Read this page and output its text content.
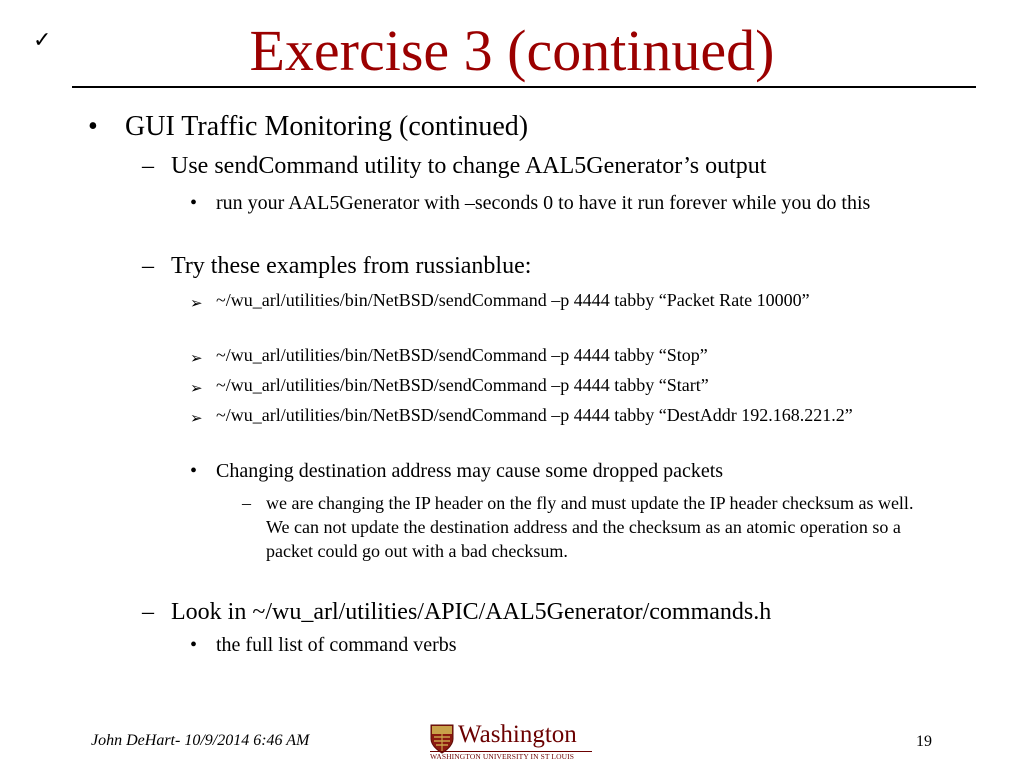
✓	Exercise 3 (continued)
• GUI Traffic Monitoring (continued)
– Use sendCommand utility to change AAL5Generator’s output
• run your AAL5Generator with –seconds 0 to have it run forever while you do this
– Try these examples from russianblue:
➢ ~/wu_arl/utilities/bin/NetBSD/sendCommand –p 4444 tabby “Packet Rate 10000”
➢ ~/wu_arl/utilities/bin/NetBSD/sendCommand –p 4444 tabby “Stop”
➢ ~/wu_arl/utilities/bin/NetBSD/sendCommand –p 4444 tabby “Start”
➢ ~/wu_arl/utilities/bin/NetBSD/sendCommand –p 4444 tabby “DestAddr 192.168.221.2”
• Changing destination address may cause some dropped packets
– we are changing the IP header on the fly and must update the IP header checksum as well. We can not update the destination address and the checksum as an atomic operation so a packet could go out with a bad checksum.
– Look in ~/wu_arl/utilities/APIC/AAL5Generator/commands.h
• the full list of command verbs
John DeHart- 10/9/2014 6:46 AM	Washington
WASHINGTON UNIVERSITY IN ST LOUIS
19
